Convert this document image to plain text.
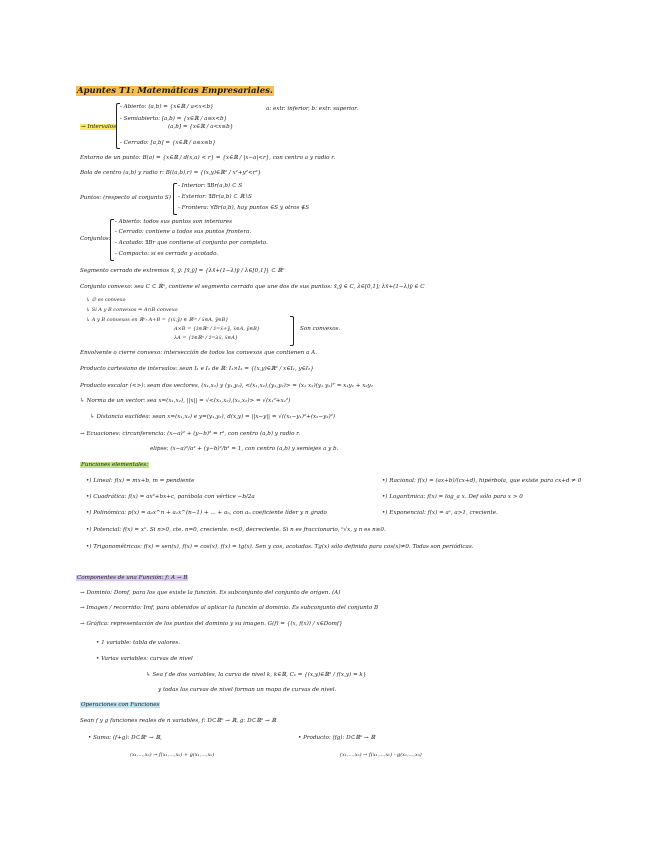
Apuntes T1: Matemáticas Empresariales.
- Abierto: (a,b) = {x∈ℝ / a<x<b}	a: extr. inferior, b: extr. superior.
→ Intervalos
- Semiabierto: [a,b) = {x∈ℝ / a≤x<b}
(a,b] = {x∈ℝ / a<x≤b}
- Cerrado: [a,b] = {x∈ℝ / a≤x≤b}
Entorno de un punto: B(a) = {x∈ℝ / d(x,a) < r} = {x∈ℝ / |x−a|<r}, con centro a y radio r.
Bola de centro (a,b) y radio r: B((a,b),r) = {(x,y)∈ℝ² / x²+y²<r²}
Puntos: (respecto al conjunto S)
- Interior: ∃Br(a,b) ⊂ S
- Exterior: ∃Br(a,b) ⊂ ℝ∖S
- Frontera: ∀Br(a,b), hay puntos ∈S y otros ∉S
Conjuntos:
- Abierto: todos sus puntos son interiores
- Cerrado: contiene a todos sus puntos frontera.
- Acotado: ∃Br que contiene al conjunto por completo.
- Compacto: si es cerrado y acotado.
Segmento cerrado de extremos x̄, ȳ: [x̄,ȳ] = {λx̄+(1−λ)ȳ / λ∈[0,1]} ⊂ ℝⁿ
Conjunto convexo: sea C ⊂ ℝⁿ, contiene el segmento cerrado que une dos de sus puntos: x̄,ȳ ∈ C, λ∈[0,1]; λx̄+(1−λ)ȳ ∈ C
↳ ∅ es convexo
↳ Si A y B convexos ⇒ A∩B convexo
↳ A y B convexos en ℝⁿ: A+B = {(x̄,ȳ) ∈ ℝ²ⁿ / x̄∈A, ȳ∈B}
A×B = {z̄∈ℝⁿ / z̄=x̄+ȳ, x̄∈A, ȳ∈B}
λA = {z̄∈ℝⁿ / z̄=λx̄, x̄∈A}
Son convexos.
Envolvente o cierre convexo: intersección de todos los convexos que contienen a A.
Producto cartesiano de intervalos: sean I₁ e I₂ de ℝ: I₁×I₂ = {(x,y)∈ℝ² / x∈I₁, y∈I₂}
Producto escalar (<>): sean dos vectores, (x₁,x₂) y (y₁,y₂), <(x₁,x₂),(y₁,y₂)> = (x₁ x₂)(y₁ y₂)ᵀ = x₁y₁ + x₂y₂
↳ Norma de un vector: sea x=(x₁,x₂), ||x|| = √<(x₁,x₂),(x₁,x₂)> = √(x₁²+x₂²)
↳ Distancia euclídea: sean x=(x₁,x₂) e y=(y₁,y₂), d(x,y) = ||x−y|| = √((x₁−y₁)²+(x₂−y₂)²)
→ Ecuaciones: circunferencia: (x−a)² + (y−b)² = r², con centro (a,b) y radio r.
elipse: (x−a)²/a² + (y−b)²/b² = 1, con centro (a,b) y semiejes a y b.
Funciones elementales:
•) Lineal: f(x) = mx+b, m = pendiente	•) Racional: f(x) = (ax+b)/(cx+d), hipérbola, que existe para cx+d ≠ 0
•) Cuadrática: f(x) = ax²+bx+c, parábola con vértice −b/2a	•) Logarítmica: f(x) = log_a x. Def sólo para x > 0
•) Polinómica: p(x) = a₀x^n + a₁x^(n−1) + ... + aₙ, con aₙ coeficiente líder y n grado	•) Exponencial: f(x) = aˣ, a>1, creciente.
•) Potencial: f(x) = xⁿ. Si n>0, cte. n=0, creciente. n<0, decreciente. Si n es fraccionario, ⁿ√x, y n es n≥0.
•) Trigonométricas: f(x) = sen(x), f(x) = cos(x), f(x) = tg(x). Sen y cos, acotadas. Tg(x) sólo definida para cos(x)≠0. Todas son periódicas.
Componentes de una Función: f: A → B
→ Dominio: Domf, para los que existe la función. Es subconjunto del conjunto de origen. (A)
→ Imagen / recorrido: Imf, para obtenidos al aplicar la función al dominio. Es subconjunto del conjunto B
→ Gráfica: representación de los puntos del dominio y su imagen. G(f) = {(x, f(x)) / x∈Domf}
• 1 variable: tabla de valores.
• Varias variables: curvas de nivel
↳ Sea f de dos variables, la curva de nivel k, k∈ℝ, Cₖ = {(x,y)∈ℝ² / f(x,y) = k}
y todas las curvas de nivel forman un mapa de curvas de nivel.
Operaciones con Funciones
Sean f y g funciones reales de n variables, f: D⊂ℝⁿ → ℝ, g: D⊂ℝⁿ → ℝ
• Suma: (f+g): D⊂ℝⁿ → ℝ,
(x₁,...,xₙ) → f(x₁,...,xₙ) + g(x₁,...,xₙ)
• Producto: (fg): D⊂ℝⁿ → ℝ
(x₁,...,xₙ) → f(x₁,...,xₙ) · g(x₁,...,xₙ)
